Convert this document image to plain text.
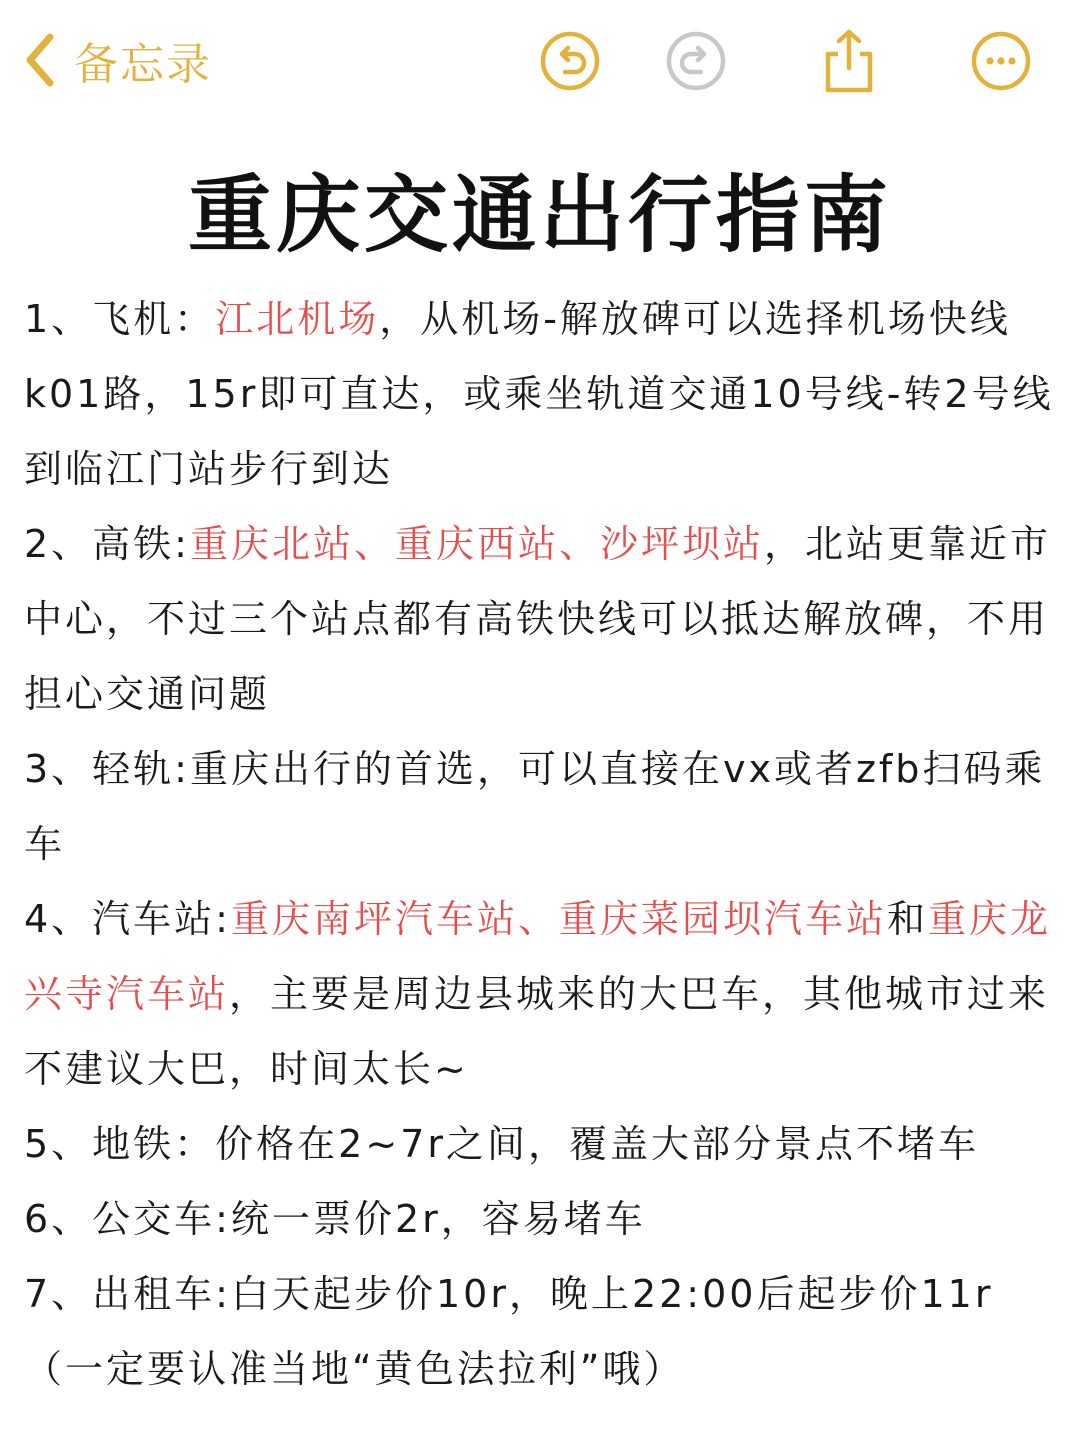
备忘录
重庆交通出行指南

1、飞机：江北机场，从机场-解放碑可以选择机场快线k01路，15r即可直达，或乘坐轨道交通10号线-转2号线到临江门站步行到达

2、高铁:重庆北站、重庆西站、沙坪坝站，北站更靠近市中心，不过三个站点都有高铁快线可以抵达解放碑，不用担心交通问题

3、轻轨:重庆出行的首选，可以直接在vx或者zfb扫码乘车

4、汽车站:重庆南坪汽车站、重庆菜园坝汽车站和重庆龙兴寺汽车站，主要是周边县城来的大巴车，其他城市过来不建议大巴，时间太长~

5、地铁：价格在2~7r之间，覆盖大部分景点不堵车

6、公交车:统一票价2r，容易堵车

7、出租车:白天起步价10r，晚上22:00后起步价11r（一定要认准当地“黄色法拉利”哦）
